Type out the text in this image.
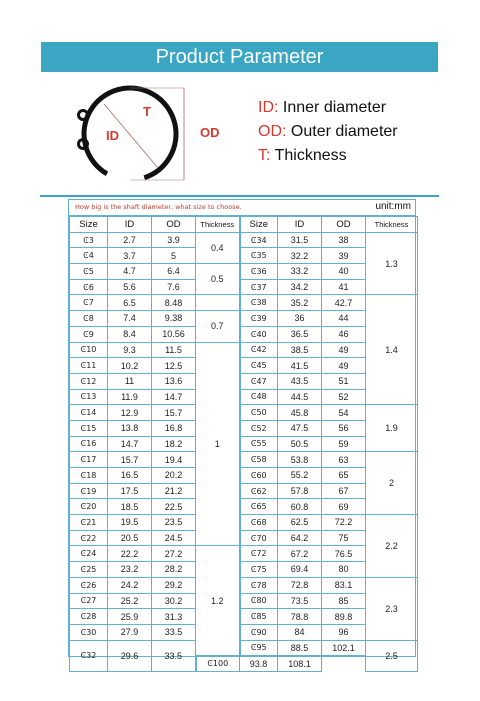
Product Parameter
ID
T
OD
ID: Inner diameter
OD: Outer diameter
T: Thickness
How big is the shaft diameter, what size to choose.	unit:mm
Size	ID	OD	Thickness	Size	ID	OD	Thickness
Ͼ3	2.7	3.9	0.4	Ͼ34	31.5	38	1.3
Ͼ4	3.7	5		Ͼ35	32.2	39	
Ͼ5	4.7	6.4	0.5	Ͼ36	33.2	40	
Ͼ6	5.6	7.6		Ͼ37	34.2	41	
Ͼ7	6.5	8.48		Ͼ38	35.2	42.7	1.4
Ͼ8	7.4	9.38	0.7	Ͼ39	36	44	
Ͼ9	8.4	10.56		Ͼ40	36.5	46	
Ͼ10	9.3	11.5	1	Ͼ42	38.5	49	
Ͼ11	10.2	12.5		Ͼ45	41.5	49	
Ͼ12	11	13.6		Ͼ47	43.5	51	
Ͼ13	11.9	14.7		Ͼ48	44.5	52	
Ͼ14	12.9	15.7		Ͼ50	45.8	54	1.9
Ͼ15	13.8	16.8		Ͼ52	47.5	56	
Ͼ16	14.7	18.2		Ͼ55	50.5	59	
Ͼ17	15.7	19.4		Ͼ58	53.8	63	2
Ͼ18	16.5	20.2		Ͼ60	55.2	65	
Ͼ19	17.5	21.2		Ͼ62	57.8	67	
Ͼ20	18.5	22.5		Ͼ65	60.8	69	
Ͼ21	19.5	23.5		Ͼ68	62.5	72.2	2.2
Ͼ22	20.5	24.5		Ͼ70	64.2	75	
Ͼ24	22.2	27.2	1.2	Ͼ72	67.2	76.5	
Ͼ25	23.2	28.2		Ͼ75	69.4	80	
Ͼ26	24.2	29.2		Ͼ78	72.8	83.1	2.3
Ͼ27	25.2	30.2		Ͼ80	73.5	85	
Ͼ28	25.9	31.3		Ͼ85	78.8	89.8	
Ͼ30	27.9	33.5		Ͼ90	84	96	
Ͼ32	29.6	33.5		Ͼ95	88.5	102.1	2.5
			Ͼ100	93.8	108.1		
